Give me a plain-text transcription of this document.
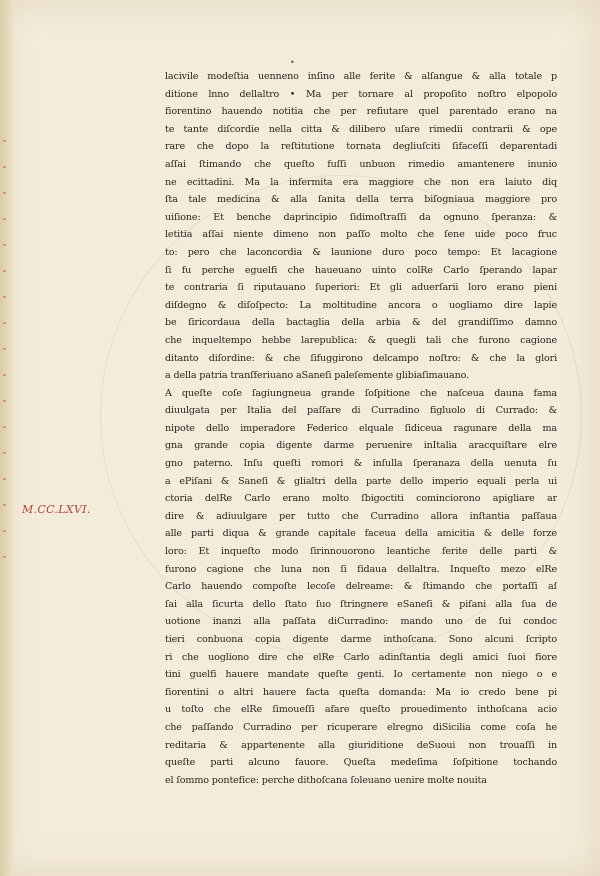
•
M.CC.LXVI.
lacivile modeſtia uenneno inſino alle ferite & alſangue & alla totale p
ditione lnno dellaltro • Ma per tornare al propoſito noſtro elpopolo
fiorentino hauendo notitia che per refiutare quel parentado erano na
te tante diſcordie nella citta & dilibero uſare rimedii contrarii & ope
rare che dopo la reſtitutione tornata degliuſciti ſifaceſſi deparentadi
aſſai ſtimando che queſto fuſſi unbuon rimedio amantenere inunio
ne ecittadini. Ma la infermita era maggiore che non era laiuto diq
ſta tale medicina & alla ſanita della terra biſogniaua maggiore pro
uiſione: Et benche daprincipio ſidimoſtraſſi da ognuno ſperanza: &
letitia aſſai niente dimeno non paſſo molto che ſene uide poco fruc
to: pero che laconcordia & launione duro poco tempo: Et lacagione
ſi fu perche eguelfi che haueuano uinto colRe Carlo ſperando lapar
te contraria ſi riputauano ſuperiori: Et gli aduerſarii loro erano pieni
diſdegno & diſoſpecto: La moltitudine ancora o uogliamo dire lapie
be ſiricordaua della bactaglia della arbia & del grandiſſimo damno
che inqueltempo hebbe larepublica: & quegli tali che furono cagione
ditanto diſordine: & che ſifuggirono delcampo noſtro: & che la glori
a della patria tranſferiuano aSaneſi paleſemente glibiaſimauano.
A queſte coſe ſagiungneua grande ſoſpitione che naſceua dauna fama
diuulgata per Italia del paſſare di Curradino figluolo di Currado: &
nipote dello imperadore Federico elquale ſidiceua ragunare della ma
gna grande copia digente darme peruenire inItalia aracquiſtare elre
gno paterno. Inſu queſti romori & inſulla ſperanaza della uenuta ſu
a ePiſani & Saneſi & glialtri della parte dello imperio equali perla ui
ctoria delRe Carlo erano molto ſbigoctiti cominciorono apigliare ar
dire & adiuulgare per tutto che Curradino allora inſtantia paſſaua
alle parti diqua & grande capitale faceua della amicitia & delle forze
loro: Et inqueſto modo ſirinnouorono leantiche ferite delle parti &
furono cagione che luna non ſi fidaua dellaltra. Inqueſto mezo elRe
Carlo hauendo compoſte lecoſe delreame: & ſtimando che portaſſi aſ
ſai alla ſicurta dello ſtato ſuo ſtringnere eSaneſi & piſani alla ſua de
uotione inanzi alla paſſata diCurradino: mando uno de ſui condoc
tieri conbuona copia digente darme inthoſcana. Sono alcuni ſcripto
ri che uogliono dire che elRe Carlo adinſtantia degli amici ſuoi fiore
tini guelfi hauere mandate queſte genti. Io certamente non niego o e
fiorentini o altri hauere facta queſta domanda: Ma io credo bene pi
u toſto che elRe ſimoueſſi afare queſto prouedimento inthoſcana acio
che paſſando Curradino per ricuperare elregno diSicilia come coſa he
reditaria & appartenente alla giuriditione deSuoui non trouaſſi in
queſte parti alcuno fauore. Queſta medeſima ſoſpitione tochando
el ſommo pontefice: perche dithoſcana ſoleuano uenire molte nouita
